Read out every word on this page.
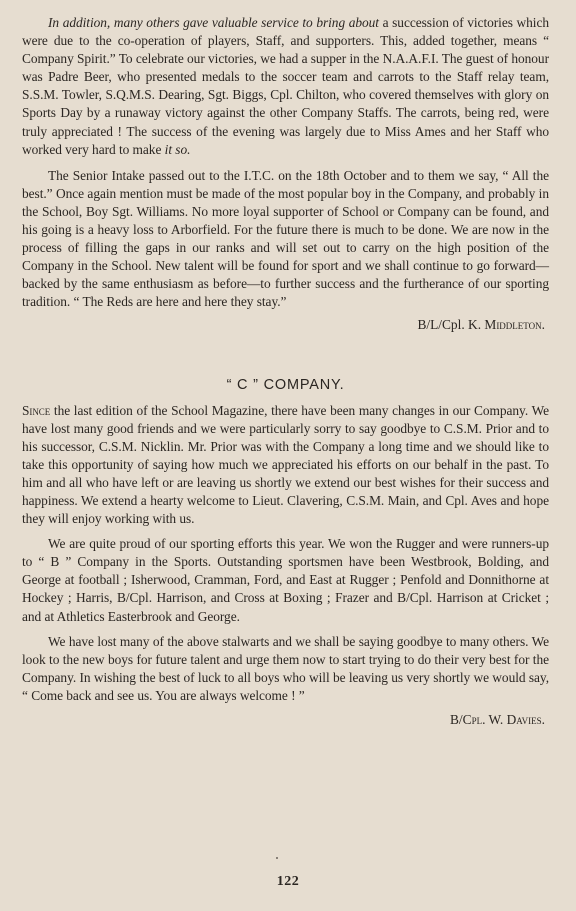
In addition, many others gave valuable service to bring about a succession of victories which were due to the co-operation of players, Staff, and supporters. This, added together, means “ Company Spirit.” To celebrate our victories, we had a supper in the N.A.A.F.I. The guest of honour was Padre Beer, who presented medals to the soccer team and carrots to the Staff relay team, S.S.M. Towler, S.Q.M.S. Dearing, Sgt. Biggs, Cpl. Chilton, who covered themselves with glory on Sports Day by a runaway victory against the other Company Staffs. The carrots, being red, were truly appreciated ! The success of the evening was largely due to Miss Ames and her Staff who worked very hard to make it so.

The Senior Intake passed out to the I.T.C. on the 18th October and to them we say, “ All the best.” Once again mention must be made of the most popular boy in the Company, and probably in the School, Boy Sgt. Williams. No more loyal supporter of School or Company can be found, and his going is a heavy loss to Arborfield. For the future there is much to be done. We are now in the process of filling the gaps in our ranks and will set out to carry on the high position of the Company in the School. New talent will be found for sport and we shall continue to go forward—backed by the same enthusiasm as before—to further success and the furtherance of our sporting tradition. “ The Reds are here and here they stay.”

B/L/Cpl. K. Middleton.

“ C ” COMPANY.

Since the last edition of the School Magazine, there have been many changes in our Company. We have lost many good friends and we were particularly sorry to say goodbye to C.S.M. Prior and to his successor, C.S.M. Nicklin. Mr. Prior was with the Company a long time and we should like to take this opportunity of saying how much we appreciated his efforts on our behalf in the past. To him and all who have left or are leaving us shortly we extend our best wishes for their success and happiness. We extend a hearty welcome to Lieut. Clavering, C.S.M. Main, and Cpl. Aves and hope they will enjoy working with us.

We are quite proud of our sporting efforts this year. We won the Rugger and were runners-up to “ B ” Company in the Sports. Outstanding sportsmen have been Westbrook, Bolding, and George at football ; Isherwood, Cramman, Ford, and East at Rugger ; Penfold and Donnithorne at Hockey ; Harris, B/Cpl. Harrison, and Cross at Boxing ; Frazer and B/Cpl. Harrison at Cricket ; and at Athletics Easterbrook and George.

We have lost many of the above stalwarts and we shall be saying goodbye to many others. We look to the new boys for future talent and urge them now to start trying to do their very best for the Company. In wishing the best of luck to all boys who will be leaving us very shortly we would say, “ Come back and see us. You are always welcome ! ”

B/Cpl. W. Davies.

122
